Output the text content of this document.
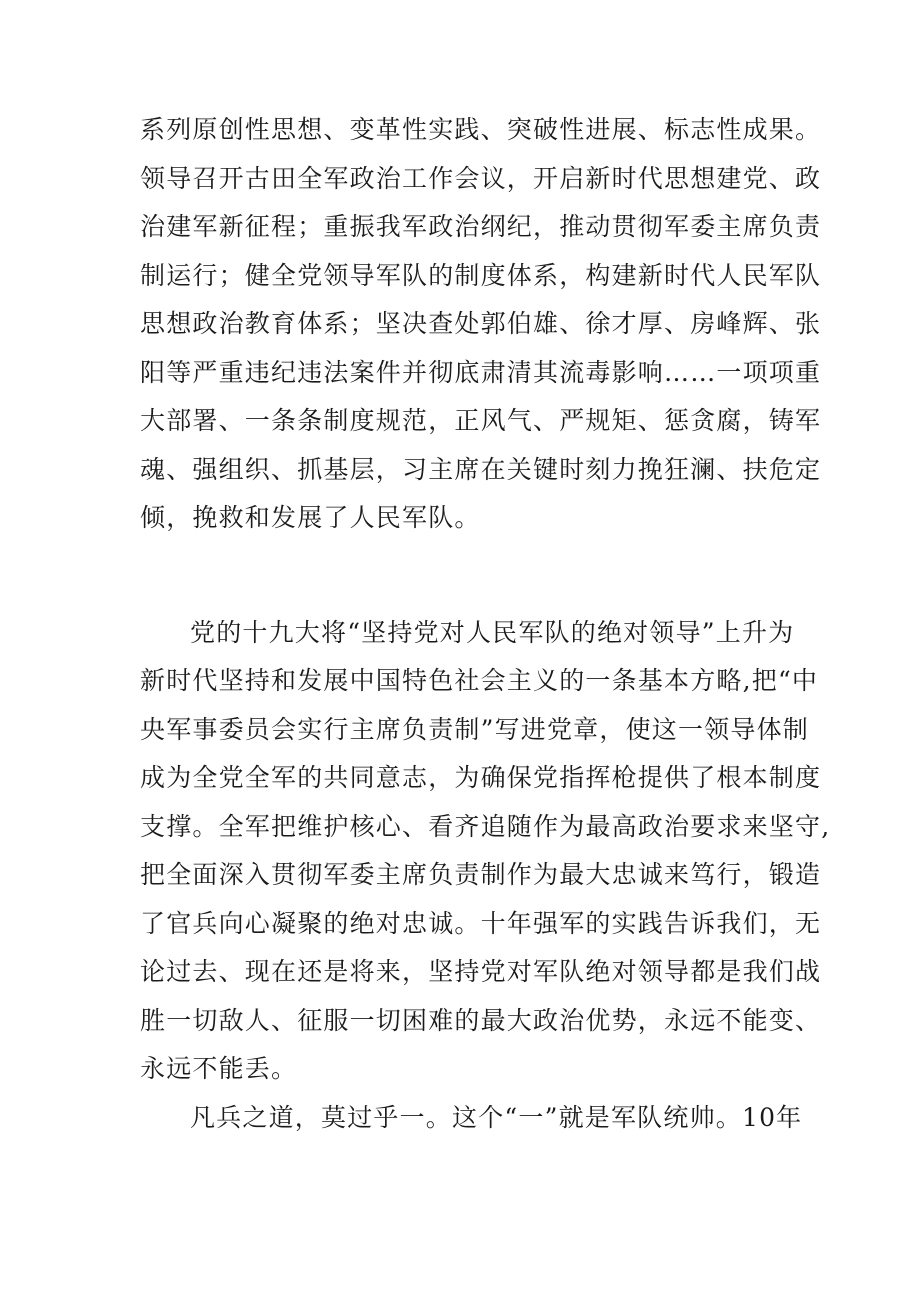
系列原创性思想、变革性实践、突破性进展、标志性成果。

领导召开古田全军政治工作会议，开启新时代思想建党、政

治建军新征程；重振我军政治纲纪，推动贯彻军委主席负责

制运行；健全党领导军队的制度体系，构建新时代人民军队

思想政治教育体系；坚决查处郭伯雄、徐才厚、房峰辉、张

阳等严重违纪违法案件并彻底肃清其流毒影响……一项项重

大部署、一条条制度规范，正风气、严规矩、惩贪腐，铸军

魂、强组织、抓基层，习主席在关键时刻力挽狂澜、扶危定

倾，挽救和发展了人民军队。

党的十九大将“坚持党对人民军队的绝对领导”上升为

新时代坚持和发展中国特色社会主义的一条基本方略,把“中

央军事委员会实行主席负责制”写进党章，使这一领导体制

成为全党全军的共同意志，为确保党指挥枪提供了根本制度

支撑。全军把维护核心、看齐追随作为最高政治要求来坚守,

把全面深入贯彻军委主席负责制作为最大忠诚来笃行，锻造

了官兵向心凝聚的绝对忠诚。十年强军的实践告诉我们，无

论过去、现在还是将来，坚持党对军队绝对领导都是我们战

胜一切敌人、征服一切困难的最大政治优势，永远不能变、

永远不能丢。

凡兵之道，莫过乎一。这个“一”就是军队统帅。10年
